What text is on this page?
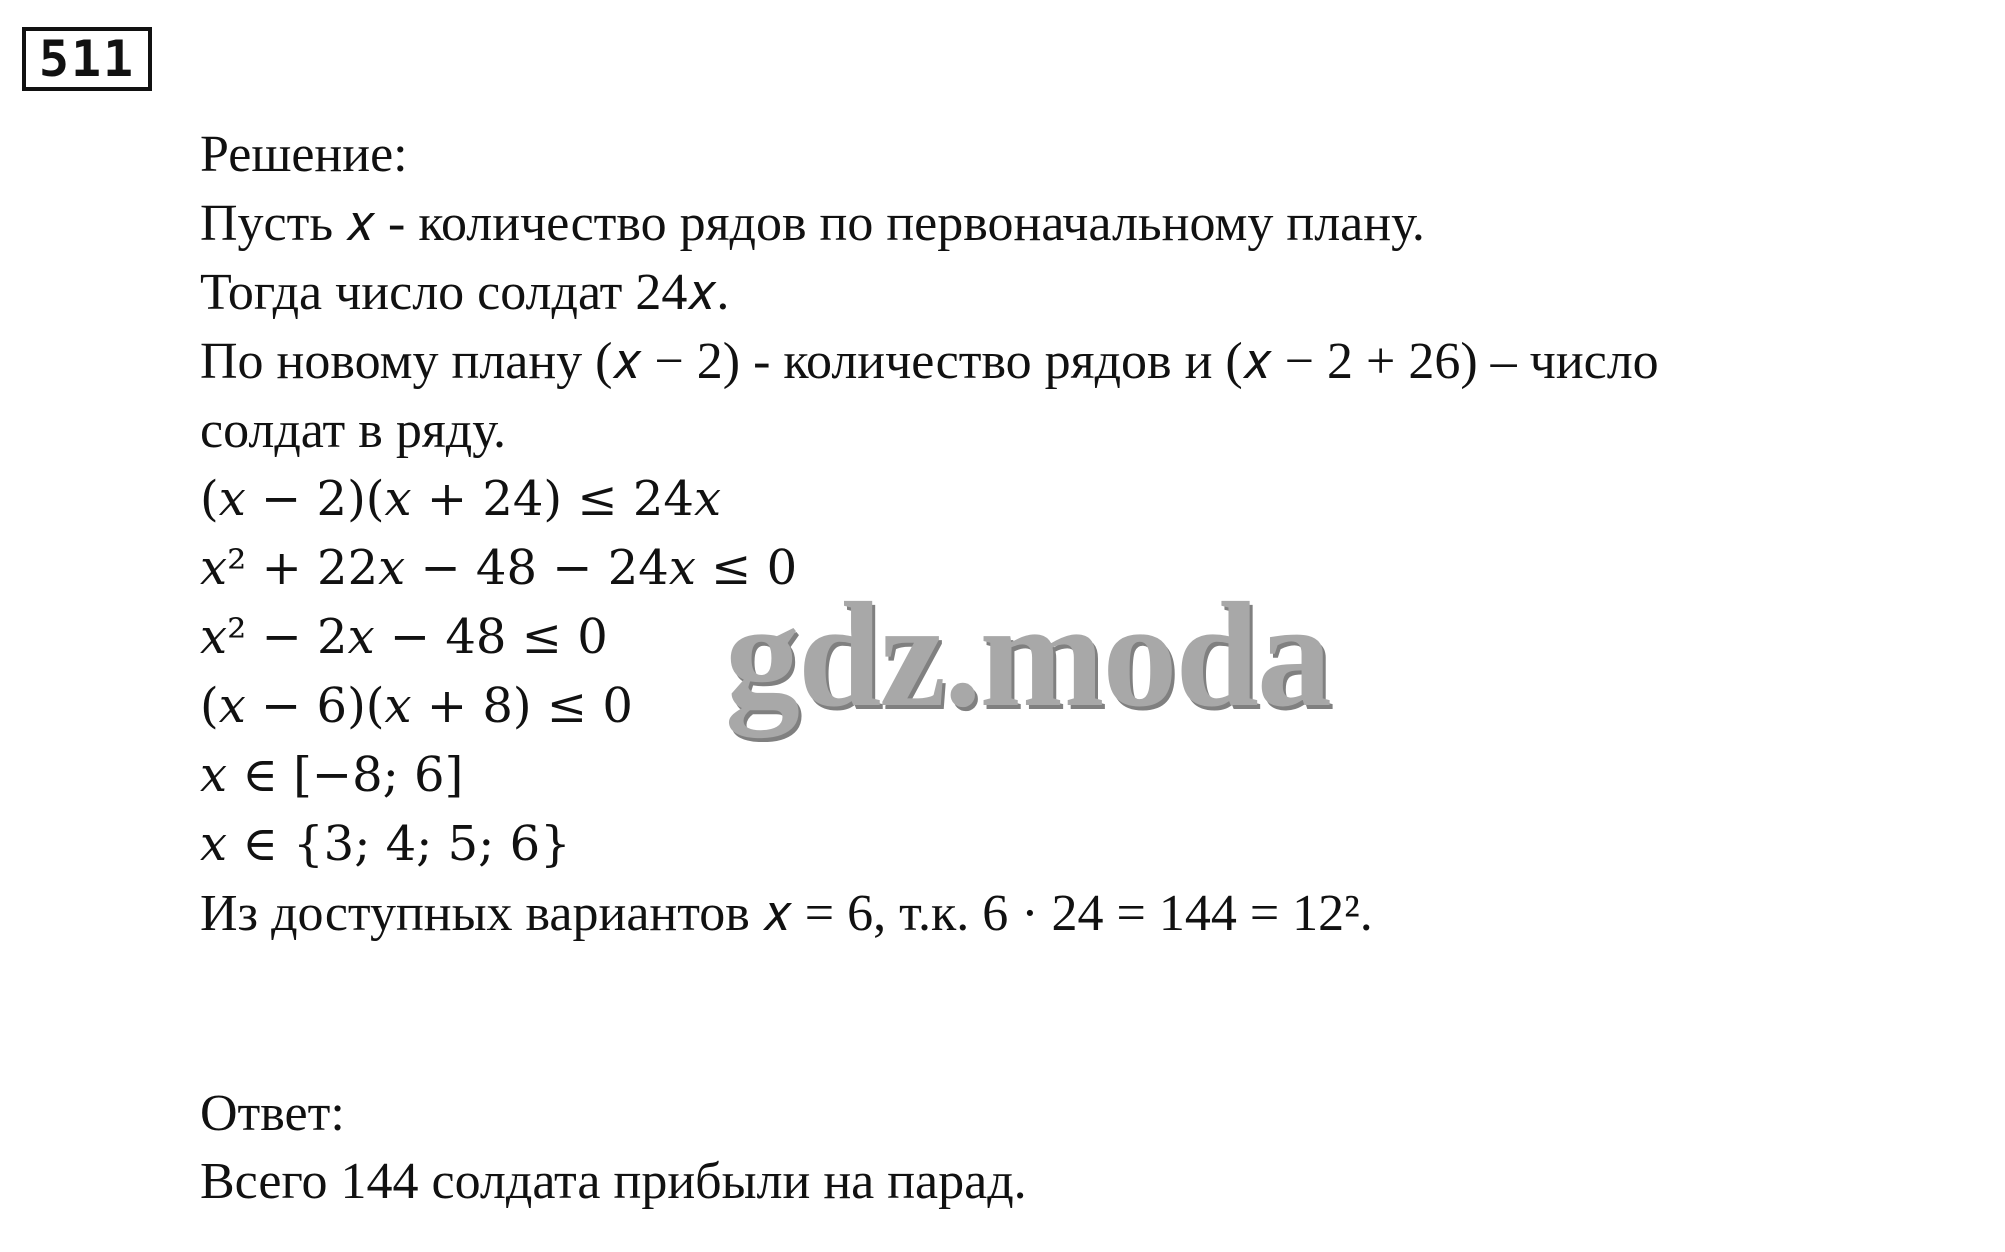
511
Решение:
Пусть 𝑥 - количество рядов по первоначальному плану.
Тогда число солдат 24𝑥.
По новому плану (𝑥 − 2) - количество рядов и (𝑥 − 2 + 26) – число
солдат в ряду.
(𝑥 − 2)(𝑥 + 24) ≤ 24𝑥
𝑥² + 22𝑥 − 48 − 24𝑥 ≤ 0
𝑥² − 2𝑥 − 48 ≤ 0
(𝑥 − 6)(𝑥 + 8) ≤ 0
𝑥 ∈ [−8; 6]
𝑥 ∈ {3; 4; 5; 6}
Из доступных вариантов 𝑥 = 6, т.к. 6 · 24 = 144 = 12².
Ответ:
Всего 144 солдата прибыли на парад.
gdz.moda
